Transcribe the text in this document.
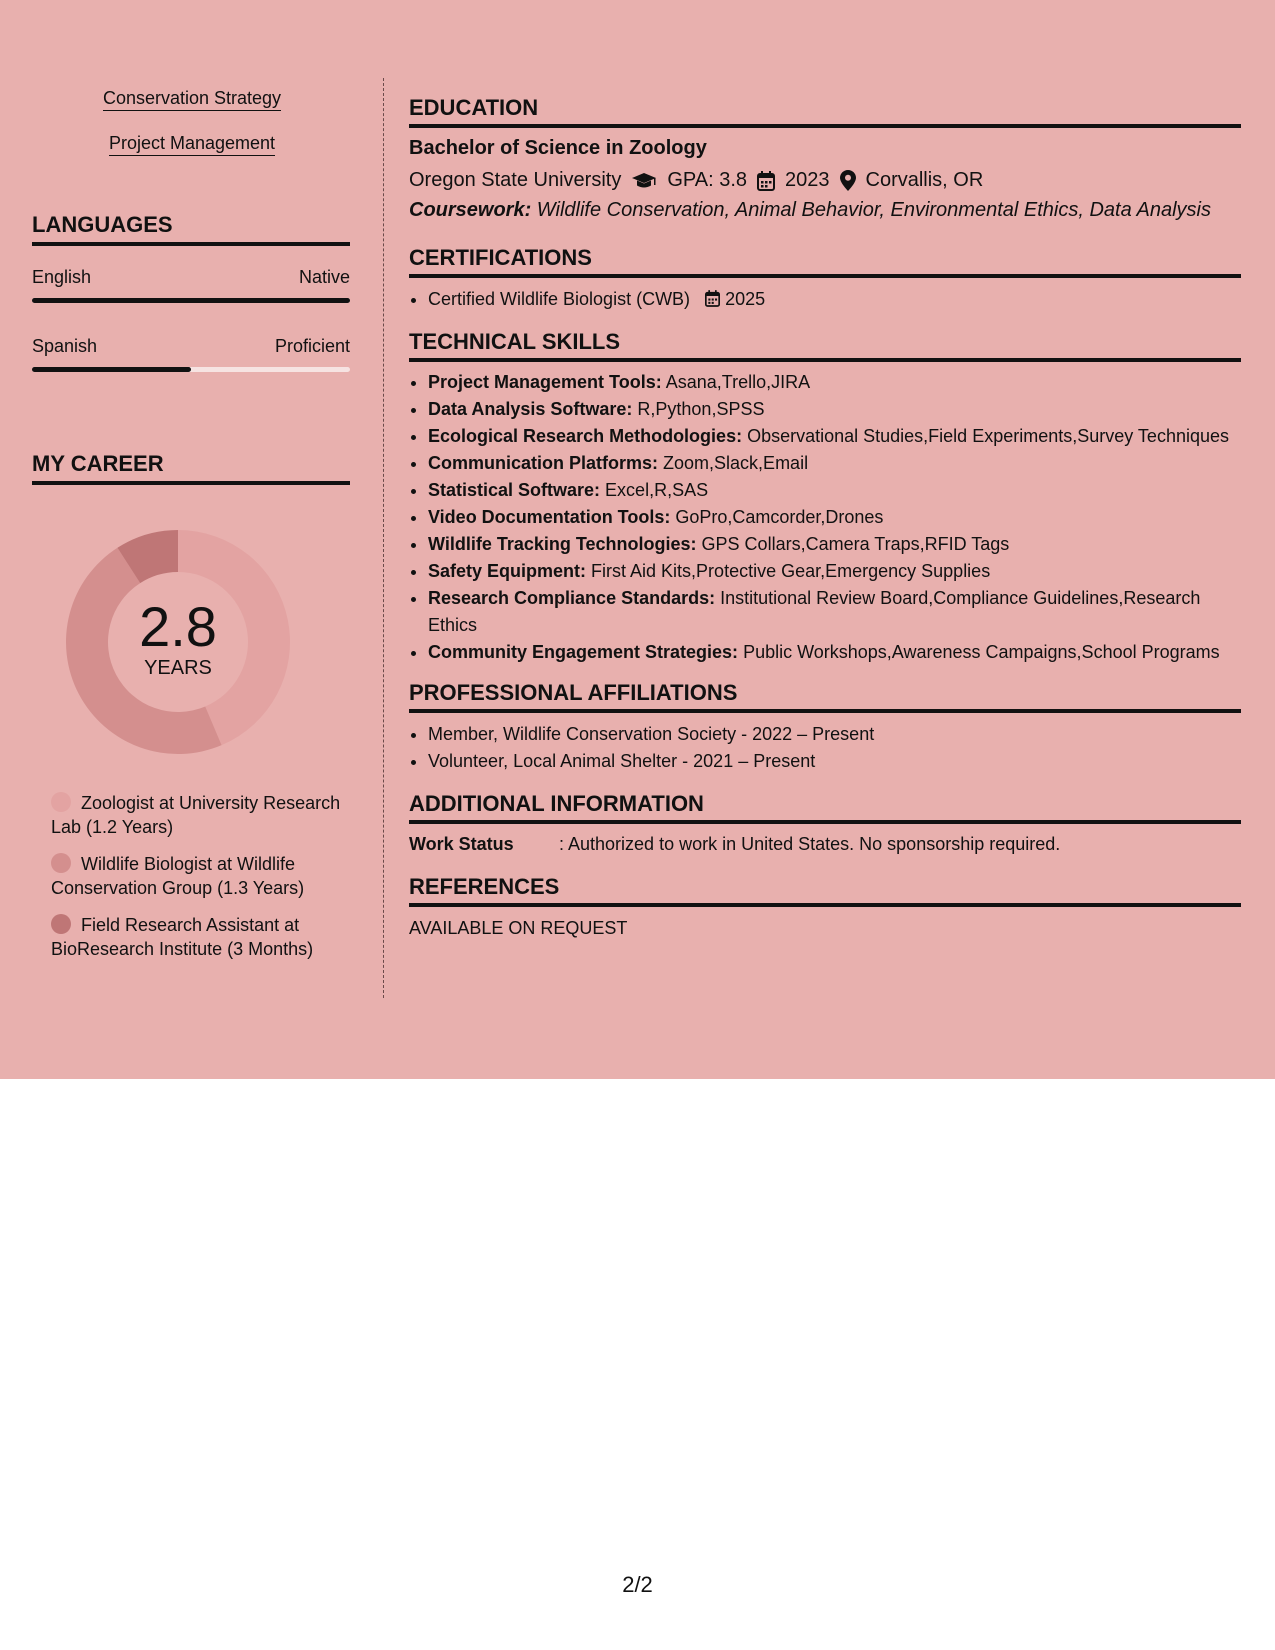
Conservation Strategy
Project Management
LANGUAGES
English	Native
Spanish	Proficient
MY CAREER
2.8
YEARS
Zoologist at University Research Lab (1.2 Years)
Wildlife Biologist at Wildlife Conservation Group (1.3 Years)
Field Research Assistant at BioResearch Institute (3 Months)
EDUCATION
Bachelor of Science in Zoology
Oregon State University GPA: 3.8 2023 Corvallis, OR
Coursework: Wildlife Conservation, Animal Behavior, Environmental Ethics, Data Analysis
CERTIFICATIONS
• Certified Wildlife Biologist (CWB) 2025
TECHNICAL SKILLS
• Project Management Tools: Asana,Trello,JIRA
• Data Analysis Software: R,Python,SPSS
• Ecological Research Methodologies: Observational Studies,Field Experiments,Survey Techniques
• Communication Platforms: Zoom,Slack,Email
• Statistical Software: Excel,R,SAS
• Video Documentation Tools: GoPro,Camcorder,Drones
• Wildlife Tracking Technologies: GPS Collars,Camera Traps,RFID Tags
• Safety Equipment: First Aid Kits,Protective Gear,Emergency Supplies
• Research Compliance Standards: Institutional Review Board,Compliance Guidelines,Research Ethics
• Community Engagement Strategies: Public Workshops,Awareness Campaigns,School Programs
PROFESSIONAL AFFILIATIONS
• Member, Wildlife Conservation Society - 2022 – Present
• Volunteer, Local Animal Shelter - 2021 – Present
ADDITIONAL INFORMATION
Work Status	: Authorized to work in United States. No sponsorship required.
REFERENCES
AVAILABLE ON REQUEST
2/2
